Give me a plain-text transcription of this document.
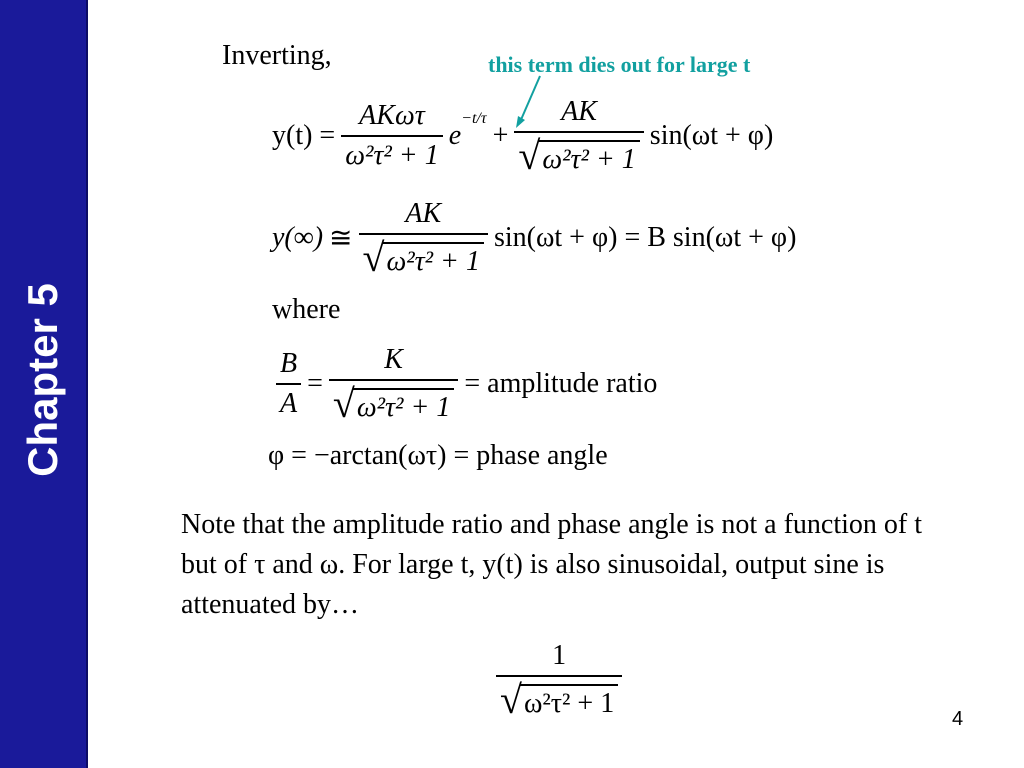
Chapter 5
Inverting,	this term dies out for large t
$y(t) = \frac{\text{AKωτ}}{\text{ω²τ² + 1}}$ e
$^{-t/\tau}$
+ $\frac{AK}{\text{√ ω²τ² + 1}} \sin(\omega t + \varphi)$
y(∞) ≅ $\frac{AK}{\text{√ ω²τ² + 1}} \sin(\omega t + \varphi) = B$ sin(ωt + φ)
where
$\frac{B}{A} = \frac{K}{\text{√ ω²τ² + 1}}$ = amplitude ratio
φ = −arctan(ωτ) = phase angle
Note that the amplitude ratio and phase angle is not a function of t but of τ and ω. For large t, y(t) is also sinusoidal, output sine is attenuated by…
$\frac{1}{\text{√ ω²τ² + 1}}$	4
